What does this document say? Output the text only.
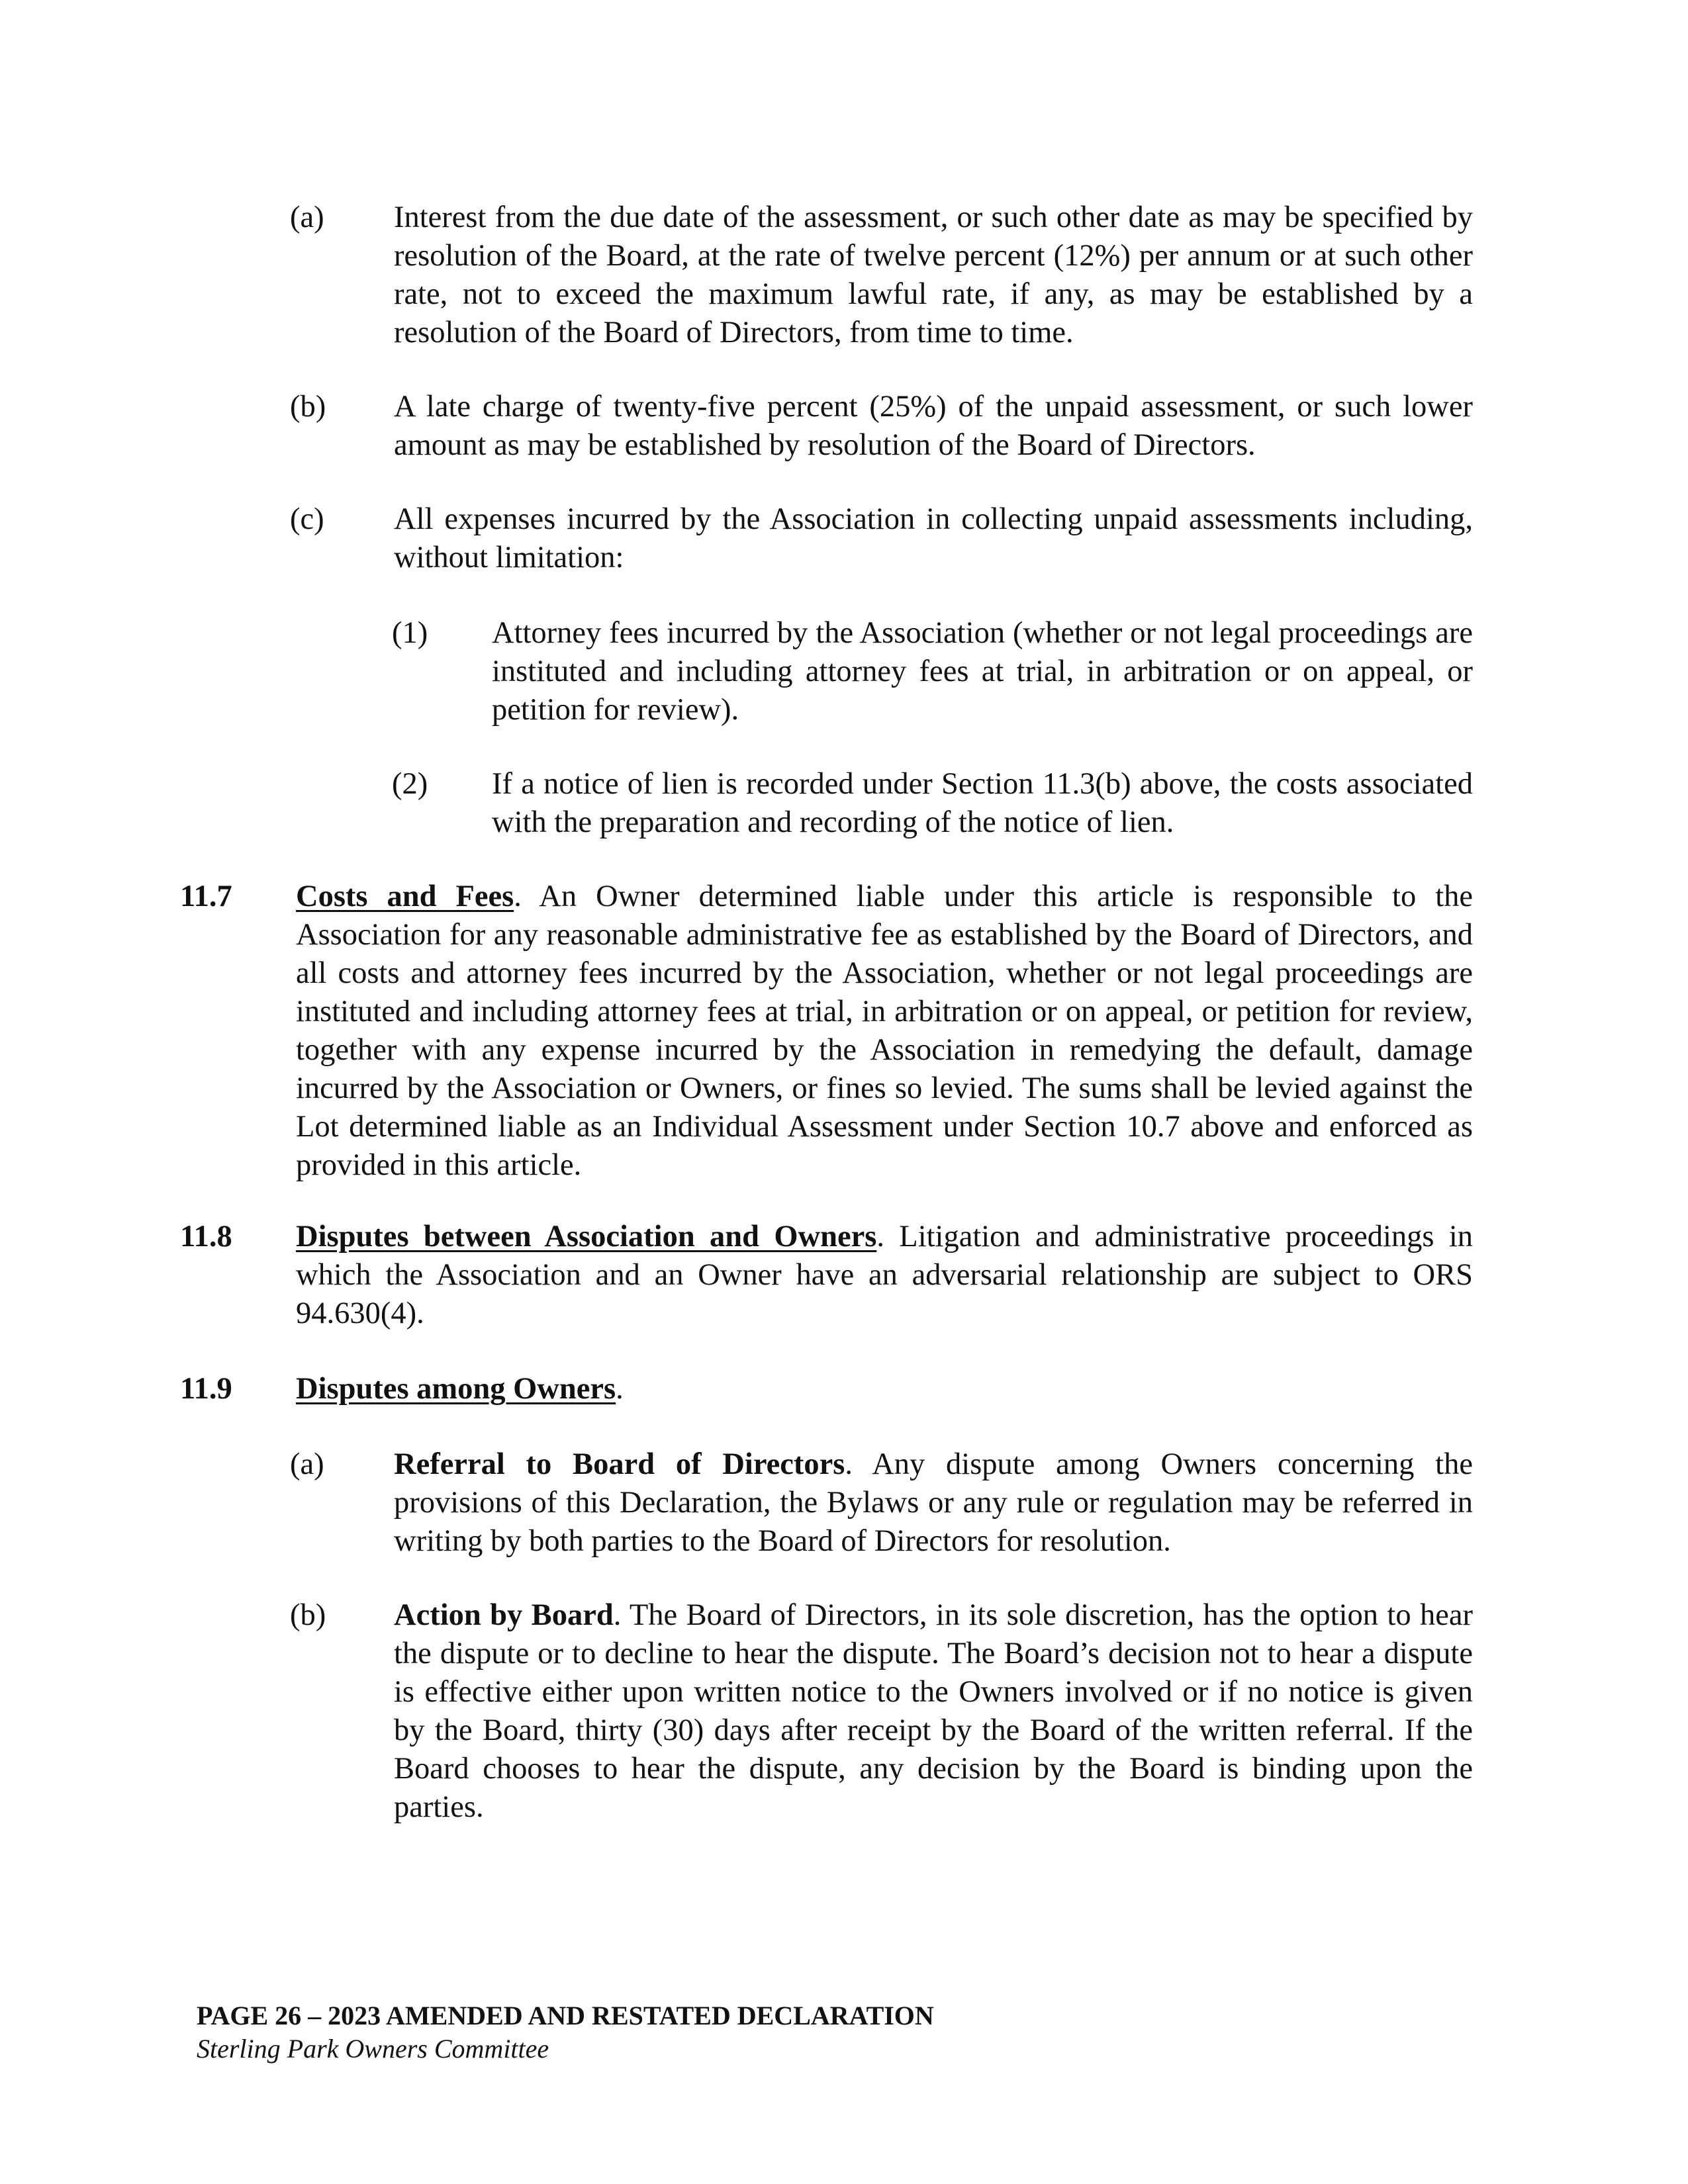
(a) Interest from the due date of the assessment, or such other date as may be specified by resolution of the Board, at the rate of twelve percent (12%) per annum or at such other rate, not to exceed the maximum lawful rate, if any, as may be established by a resolution of the Board of Directors, from time to time.
(b) A late charge of twenty-five percent (25%) of the unpaid assessment, or such lower amount as may be established by resolution of the Board of Directors.
(c) All expenses incurred by the Association in collecting unpaid assessments including, without limitation:
(1) Attorney fees incurred by the Association (whether or not legal proceedings are instituted and including attorney fees at trial, in arbitration or on appeal, or petition for review).
(2) If a notice of lien is recorded under Section 11.3(b) above, the costs associated with the preparation and recording of the notice of lien.
11.7 Costs and Fees. An Owner determined liable under this article is responsible to the Association for any reasonable administrative fee as established by the Board of Directors, and all costs and attorney fees incurred by the Association, whether or not legal proceedings are instituted and including attorney fees at trial, in arbitration or on appeal, or petition for review, together with any expense incurred by the Association in remedying the default, damage incurred by the Association or Owners, or fines so levied. The sums shall be levied against the Lot determined liable as an Individual Assessment under Section 10.7 above and enforced as provided in this article.
11.8 Disputes between Association and Owners. Litigation and administrative proceedings in which the Association and an Owner have an adversarial relationship are subject to ORS 94.630(4).
11.9 Disputes among Owners.
(a) Referral to Board of Directors. Any dispute among Owners concerning the provisions of this Declaration, the Bylaws or any rule or regulation may be referred in writing by both parties to the Board of Directors for resolution.
(b) Action by Board. The Board of Directors, in its sole discretion, has the option to hear the dispute or to decline to hear the dispute. The Board’s decision not to hear a dispute is effective either upon written notice to the Owners involved or if no notice is given by the Board, thirty (30) days after receipt by the Board of the written referral. If the Board chooses to hear the dispute, any decision by the Board is binding upon the parties.
PAGE 26 – 2023 AMENDED AND RESTATED DECLARATION
Sterling Park Owners Committee
